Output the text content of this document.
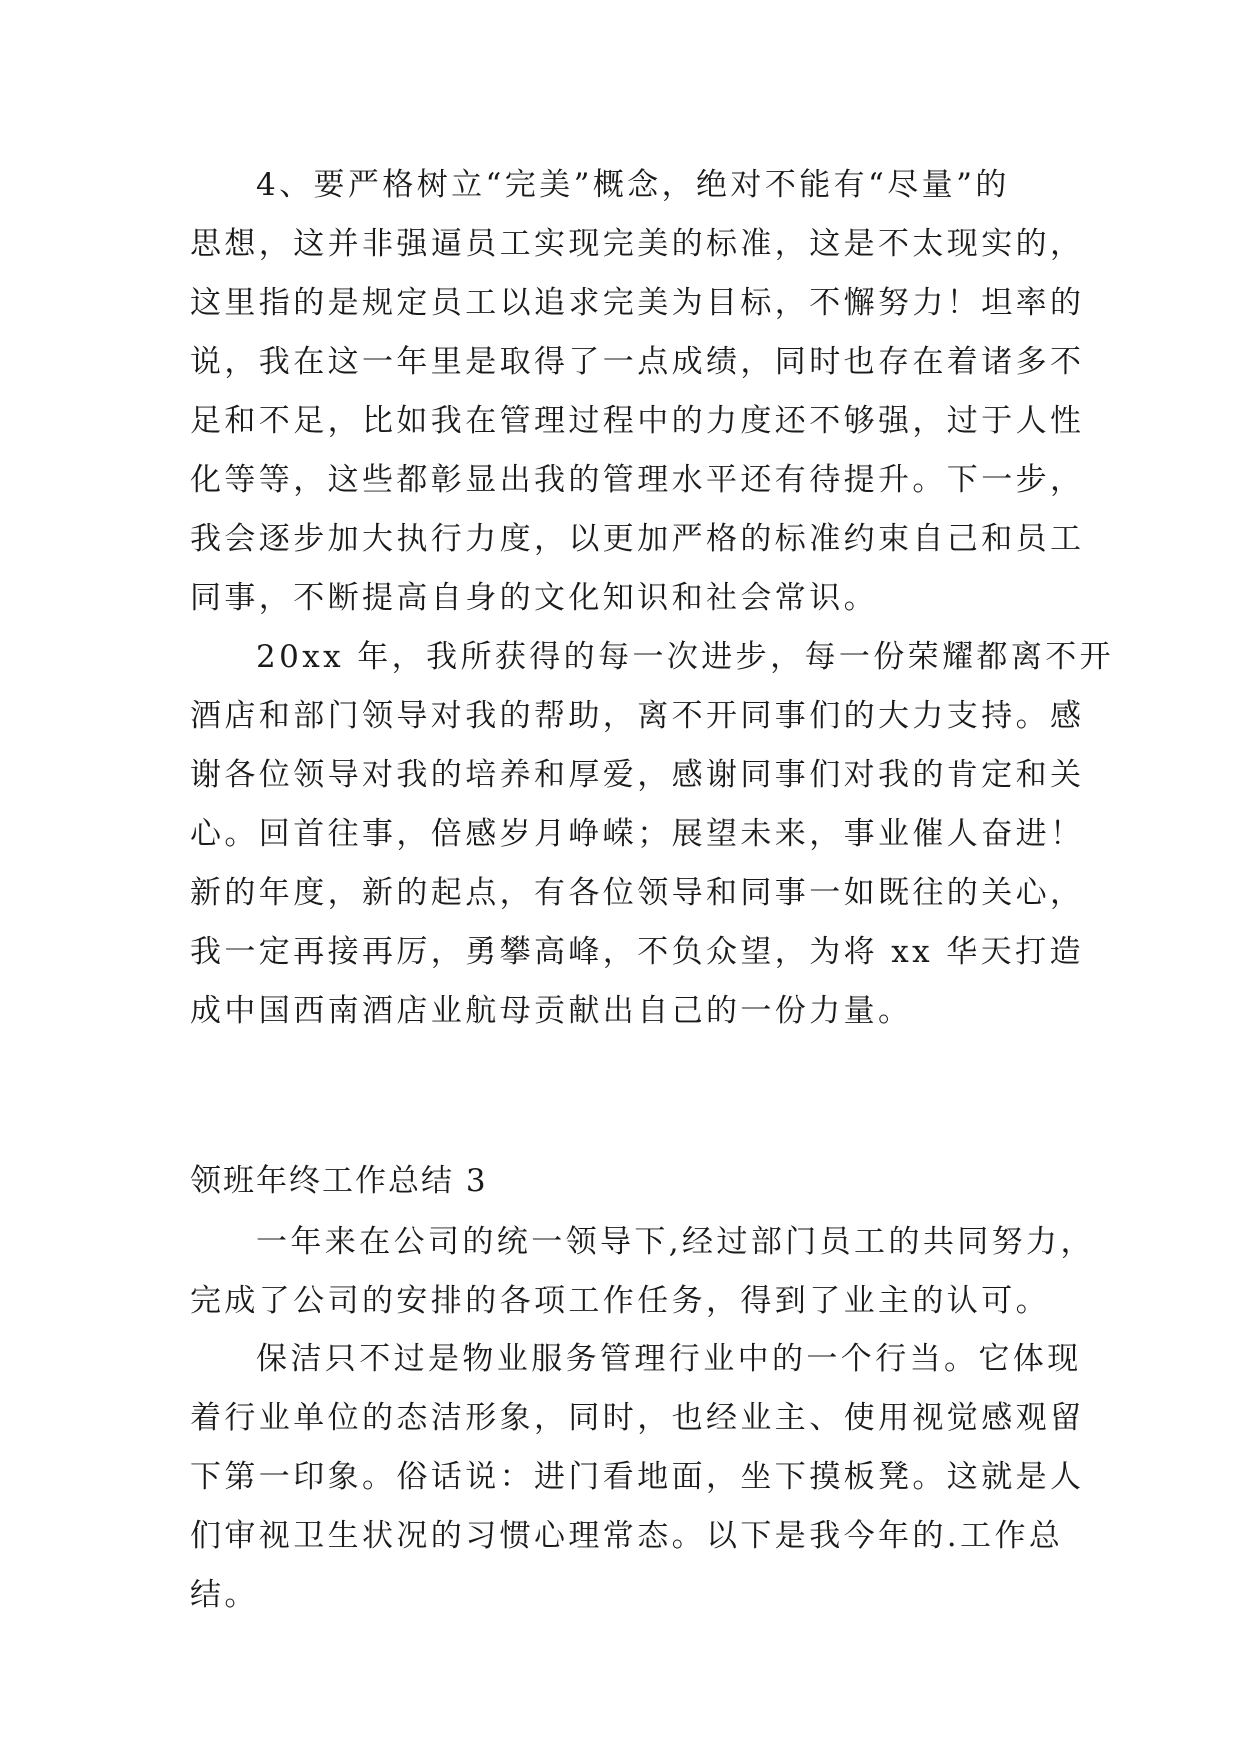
4、要严格树立“完美”概念，绝对不能有“尽量”的
思想，这并非强逼员工实现完美的标准，这是不太现实的，
这里指的是规定员工以追求完美为目标，不懈努力！坦率的
说，我在这一年里是取得了一点成绩，同时也存在着诸多不
足和不足，比如我在管理过程中的力度还不够强，过于人性
化等等，这些都彰显出我的管理水平还有待提升。下一步，
我会逐步加大执行力度，以更加严格的标准约束自己和员工
同事，不断提高自身的文化知识和社会常识。
20xx 年，我所获得的每一次进步，每一份荣耀都离不开
酒店和部门领导对我的帮助，离不开同事们的大力支持。感
谢各位领导对我的培养和厚爱，感谢同事们对我的肯定和关
心。回首往事，倍感岁月峥嵘；展望未来，事业催人奋进！
新的年度，新的起点，有各位领导和同事一如既往的关心，
我一定再接再厉，勇攀高峰，不负众望，为将 xx 华天打造
成中国西南酒店业航母贡献出自己的一份力量。
领班年终工作总结 3
一年来在公司的统一领导下,经过部门员工的共同努力，
完成了公司的安排的各项工作任务，得到了业主的认可。
保洁只不过是物业服务管理行业中的一个行当。它体现
着行业单位的态洁形象，同时，也经业主、使用视觉感观留
下第一印象。俗话说：进门看地面，坐下摸板凳。这就是人
们审视卫生状况的习惯心理常态。以下是我今年的.工作总
结。
